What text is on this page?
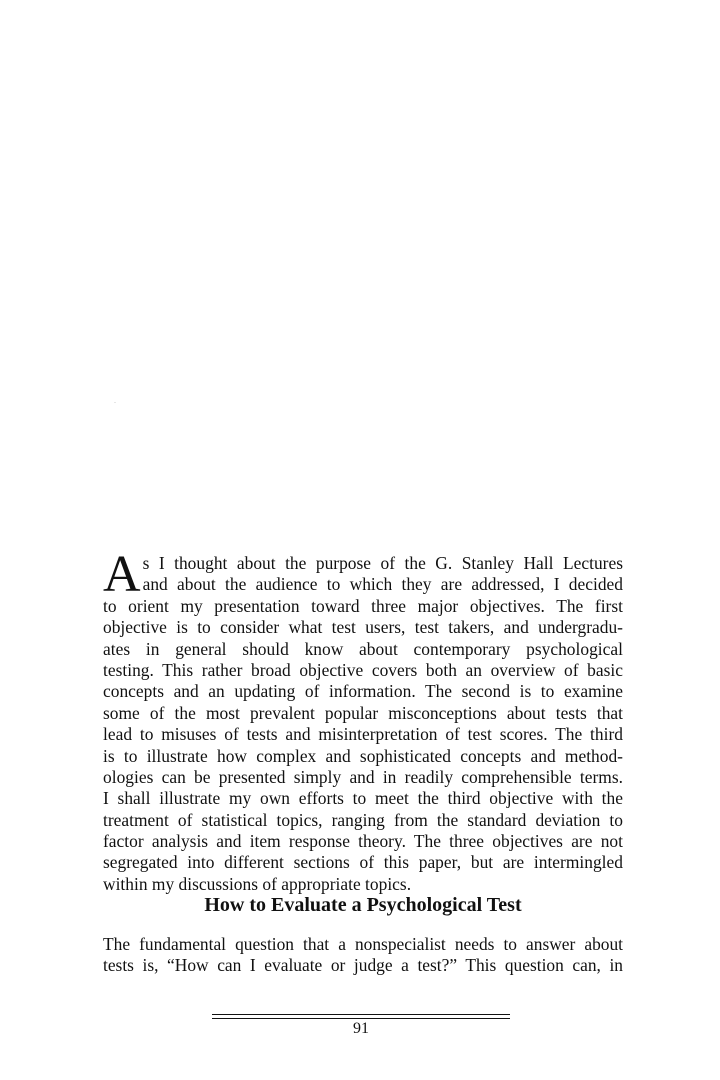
A s I thought about the purpose of the G. Stanley Hall Lectures
and about the audience to which they are addressed, I decided
to orient my presentation toward three major objectives. The first
objective is to consider what test users, test takers, and undergradu-
ates in general should know about contemporary psychological
testing. This rather broad objective covers both an overview of basic
concepts and an updating of information. The second is to examine
some of the most prevalent popular misconceptions about tests that
lead to misuses of tests and misinterpretation of test scores. The third
is to illustrate how complex and sophisticated concepts and method-
ologies can be presented simply and in readily comprehensible terms.
I shall illustrate my own efforts to meet the third objective with the
treatment of statistical topics, ranging from the standard deviation to
factor analysis and item response theory. The three objectives are not
segregated into different sections of this paper, but are intermingled
within my discussions of appropriate topics.
How to Evaluate a Psychological Test
The fundamental question that a nonspecialist needs to answer about
tests is, “How can I evaluate or judge a test?” This question can, in
91
